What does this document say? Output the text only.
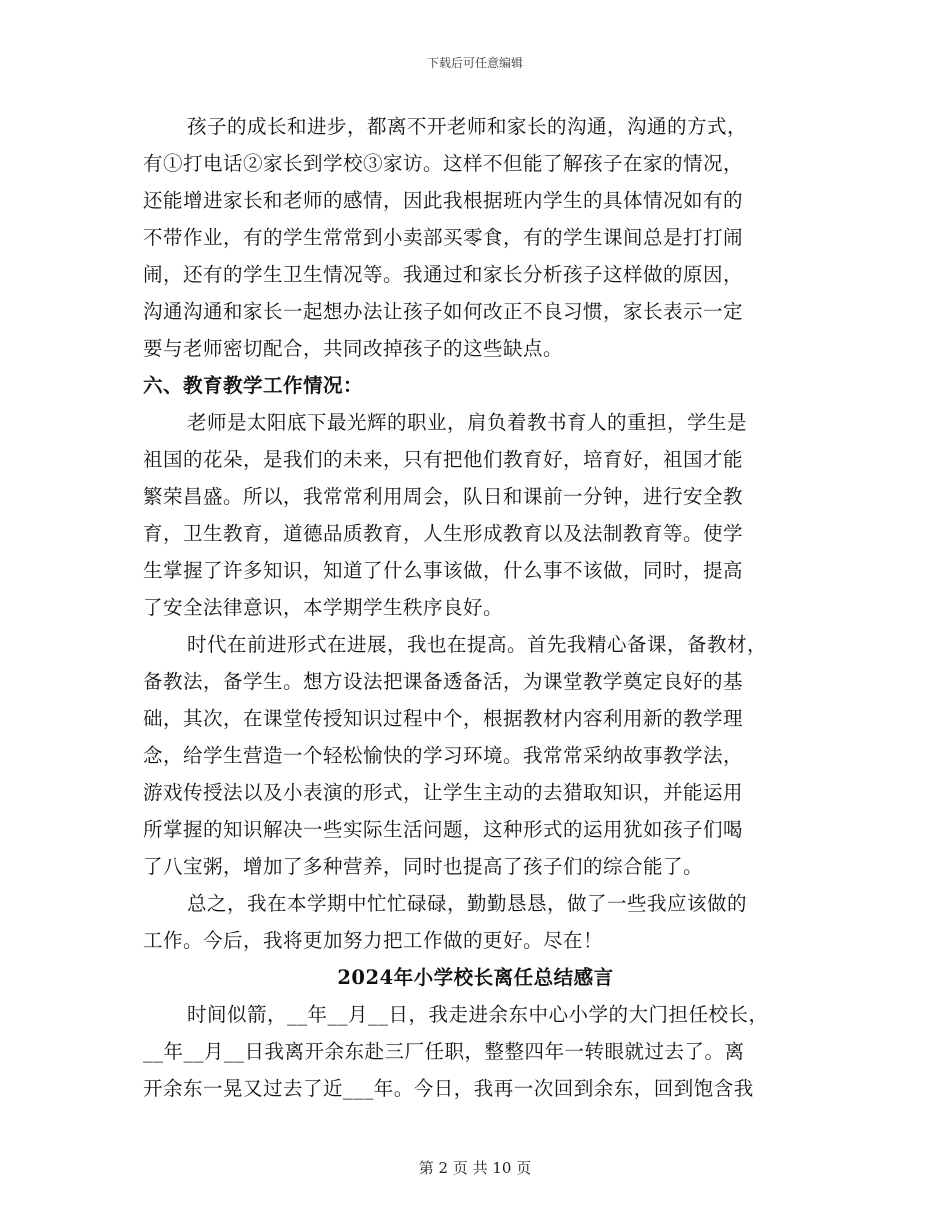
下载后可任意编辑
孩子的成长和进步，都离不开老师和家长的沟通，沟通的方式，
有①打电话②家长到学校③家访。这样不但能了解孩子在家的情况，
还能增进家长和老师的感情，因此我根据班内学生的具体情况如有的
不带作业，有的学生常常到小卖部买零食，有的学生课间总是打打闹
闹，还有的学生卫生情况等。我通过和家长分析孩子这样做的原因，
沟通沟通和家长一起想办法让孩子如何改正不良习惯，家长表示一定
要与老师密切配合，共同改掉孩子的这些缺点。
六、教育教学工作情况：
老师是太阳底下最光辉的职业，肩负着教书育人的重担，学生是
祖国的花朵，是我们的未来，只有把他们教育好，培育好，祖国才能
繁荣昌盛。所以，我常常利用周会，队日和课前一分钟，进行安全教
育，卫生教育，道德品质教育，人生形成教育以及法制教育等。使学
生掌握了许多知识，知道了什么事该做，什么事不该做，同时，提高
了安全法律意识，本学期学生秩序良好。
时代在前进形式在进展，我也在提高。首先我精心备课，备教材，
备教法，备学生。想方设法把课备透备活，为课堂教学奠定良好的基
础，其次，在课堂传授知识过程中个，根据教材内容利用新的教学理
念，给学生营造一个轻松愉快的学习环境。我常常采纳故事教学法，
游戏传授法以及小表演的形式，让学生主动的去猎取知识，并能运用
所掌握的知识解决一些实际生活问题，这种形式的运用犹如孩子们喝
了八宝粥，增加了多种营养，同时也提高了孩子们的综合能了。
总之，我在本学期中忙忙碌碌，勤勤恳恳，做了一些我应该做的
工作。今后，我将更加努力把工作做的更好。尽在！
2024年小学校长离任总结感言
时间似箭，__年__月__日，我走进余东中心小学的大门担任校长，
__年__月__日我离开余东赴三厂任职，整整四年一转眼就过去了。离
开余东一晃又过去了近___年。今日，我再一次回到余东，回到饱含我
第 2 页 共 10 页
